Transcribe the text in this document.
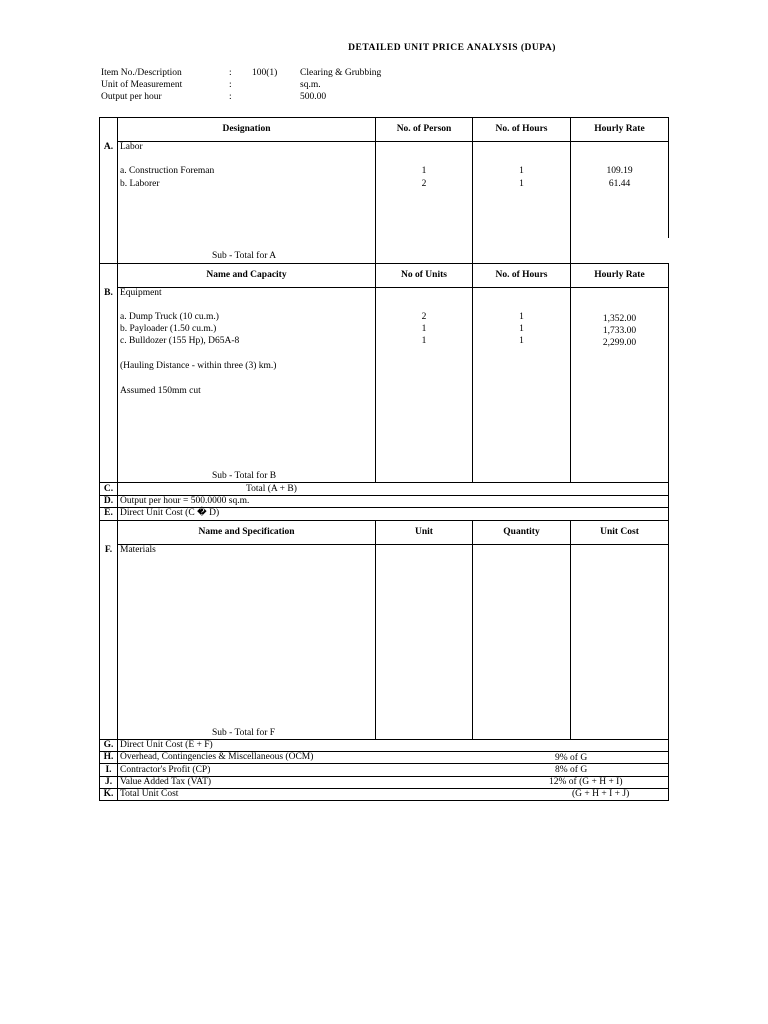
DETAILED UNIT PRICE ANALYSIS (DUPA)
Item No./Description	: 100(1) Clearing & Grubbing
Unit of Measurement	:	sq.m.
Output per hour	:	500.00
Designation	No. of Person	No. of Hours	Hourly Rate
A. Labor
a. Construction Foreman	1	1	109.19
b. Laborer	2	1	61.44
Sub - Total for A
Name and Capacity	No of Units	No. of Hours	Hourly Rate
B. Equipment
a. Dump Truck (10 cu.m.)	2	1	1,352.00
b. Payloader (1.50 cu.m.)	1	1	1,733.00
c. Bulldozer (155 Hp), D65A-8	1	1	2,299.00
(Hauling Distance - within three (3) km.)
Assumed 150mm cut
Sub - Total for B
C.	Total (A + B)
D. Output per hour = 500.0000 sq.m.
E. Direct Unit Cost (C � D)
Name and Specification	Unit	Quantity	Unit Cost
F. Materials
Sub - Total for F
G. Direct Unit Cost (E + F)
H. Overhead, Contingencies & Miscellaneous (OCM)	9% of G
I. Contractor's Profit (CP)	8% of G
J. Value Added Tax (VAT)	12% of (G + H + I)
K. Total Unit Cost	(G + H + I + J)
